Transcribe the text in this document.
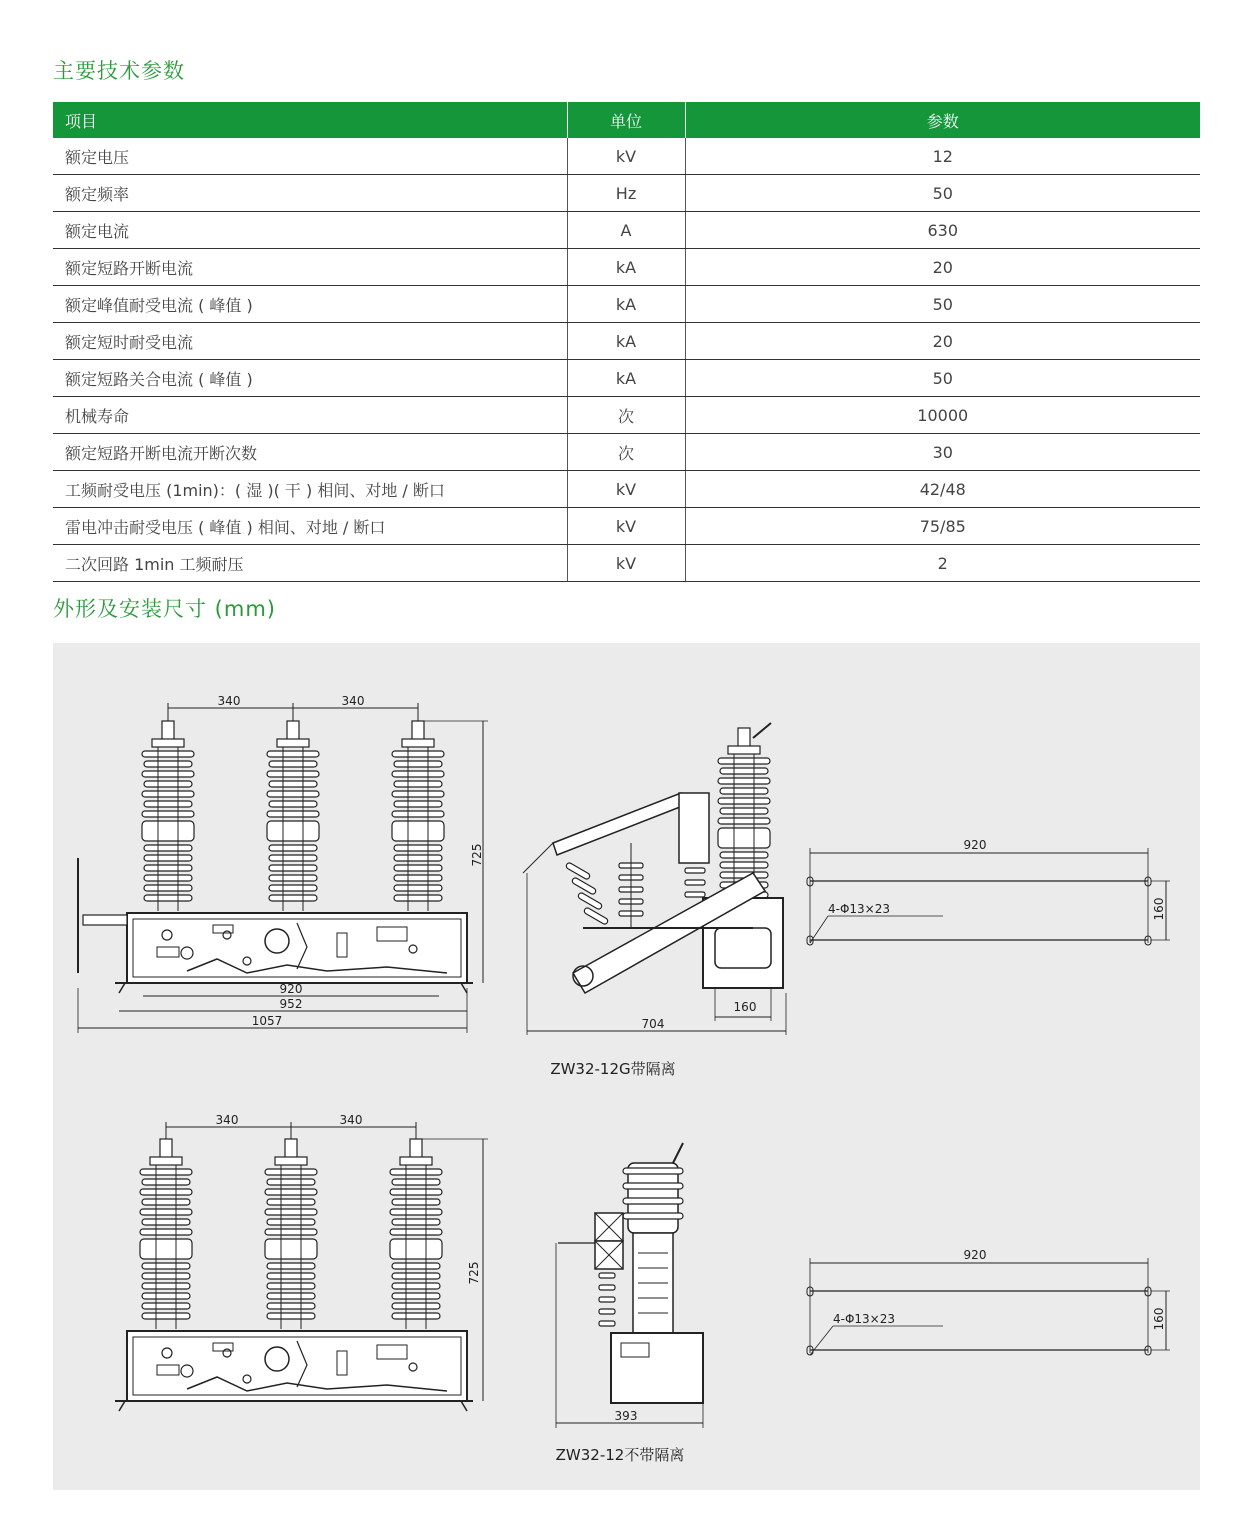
主要技术参数
项目	单位	参数
额定电压	kV	12
额定频率	Hz	50
额定电流	A	630
额定短路开断电流	kA	20
额定峰值耐受电流 ( 峰值 )	kA	50
额定短时耐受电流	kA	20
额定短路关合电流 ( 峰值 )	kA	50
机械寿命	次	10000
额定短路开断电流开断次数	次	30
工频耐受电压 (1min)：( 湿 )( 干 ) 相间、对地 / 断口	kV	42/48
雷电冲击耐受电压 ( 峰值 ) 相间、对地 / 断口	kV	75/85
二次回路 1min 工频耐压	kV	2
外形及安装尺寸 (mm)
340	340
725
920
952
1057	704
160
ZW32-12G带隔离
920
160
4-Φ13×23
340	340
725
393
ZW32-12不带隔离
920
160
4-Φ13×23
